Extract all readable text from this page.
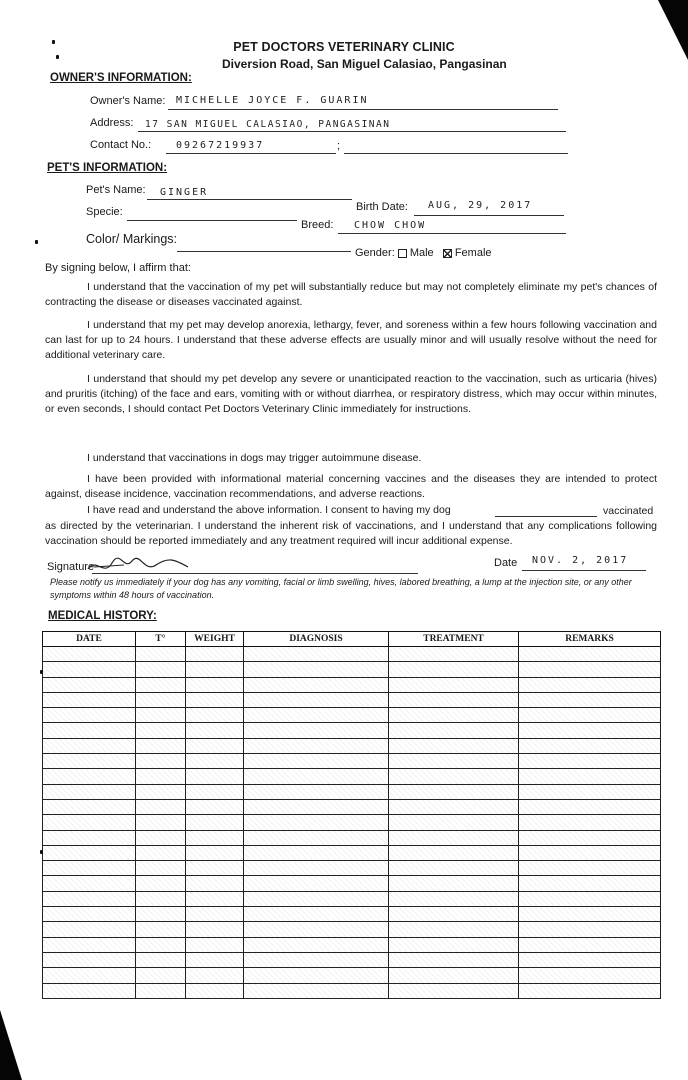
PET DOCTORS VETERINARY CLINIC
Diversion Road, San Miguel Calasiao, Pangasinan
OWNER'S INFORMATION:
Owner's Name: MICHELLE JOYCE F. GUARIN
Address: 17 SAN MIGUEL CALASIAO, PANGASINAN
Contact No.: 09267219937	;
PET'S INFORMATION:
Pet's Name: GINGER
Birth Date: AUG, 29, 2017
Specie:
Breed: CHOW CHOW
Color/ Markings:
Gender: Male Female
By signing below, I affirm that:

I understand that the vaccination of my pet will substantially reduce but may not completely eliminate my pet's chances of contracting the disease or diseases vaccinated against.

I understand that my pet may develop anorexia, lethargy, fever, and soreness within a few hours following vaccination and can last for up to 24 hours. I understand that these adverse effects are usually minor and will usually resolve without the need for additional veterinary care.

I understand that should my pet develop any severe or unanticipated reaction to the vaccination, such as urticaria (hives) and pruritis (itching) of the face and ears, vomiting with or without diarrhea, or respiratory distress, which may occur within minutes, or even seconds, I should contact Pet Doctors Veterinary Clinic immediately for instructions.

I understand that vaccinations in dogs may trigger autoimmune disease.

I have been provided with informational material concerning vaccines and the diseases they are intended to protect against, disease incidence, vaccination recommendations, and adverse reactions.

I have read and understand the above information. I consent to having my dog	vaccinated as directed by the veterinarian. I understand the inherent risk of vaccinations, and I understand that any complications following vaccination should be reported immediately and any treatment required will incur additional expense.

Signature	Date NOV. 2, 2017
Please notify us immediately if your dog has any vomiting, facial or limb swelling, hives, labored breathing, a lump at the injection site, or any other symptoms within 48 hours of vaccination.
MEDICAL HISTORY:
DATE	T°	WEIGHT	DIAGNOSIS	TREATMENT	REMARKS
